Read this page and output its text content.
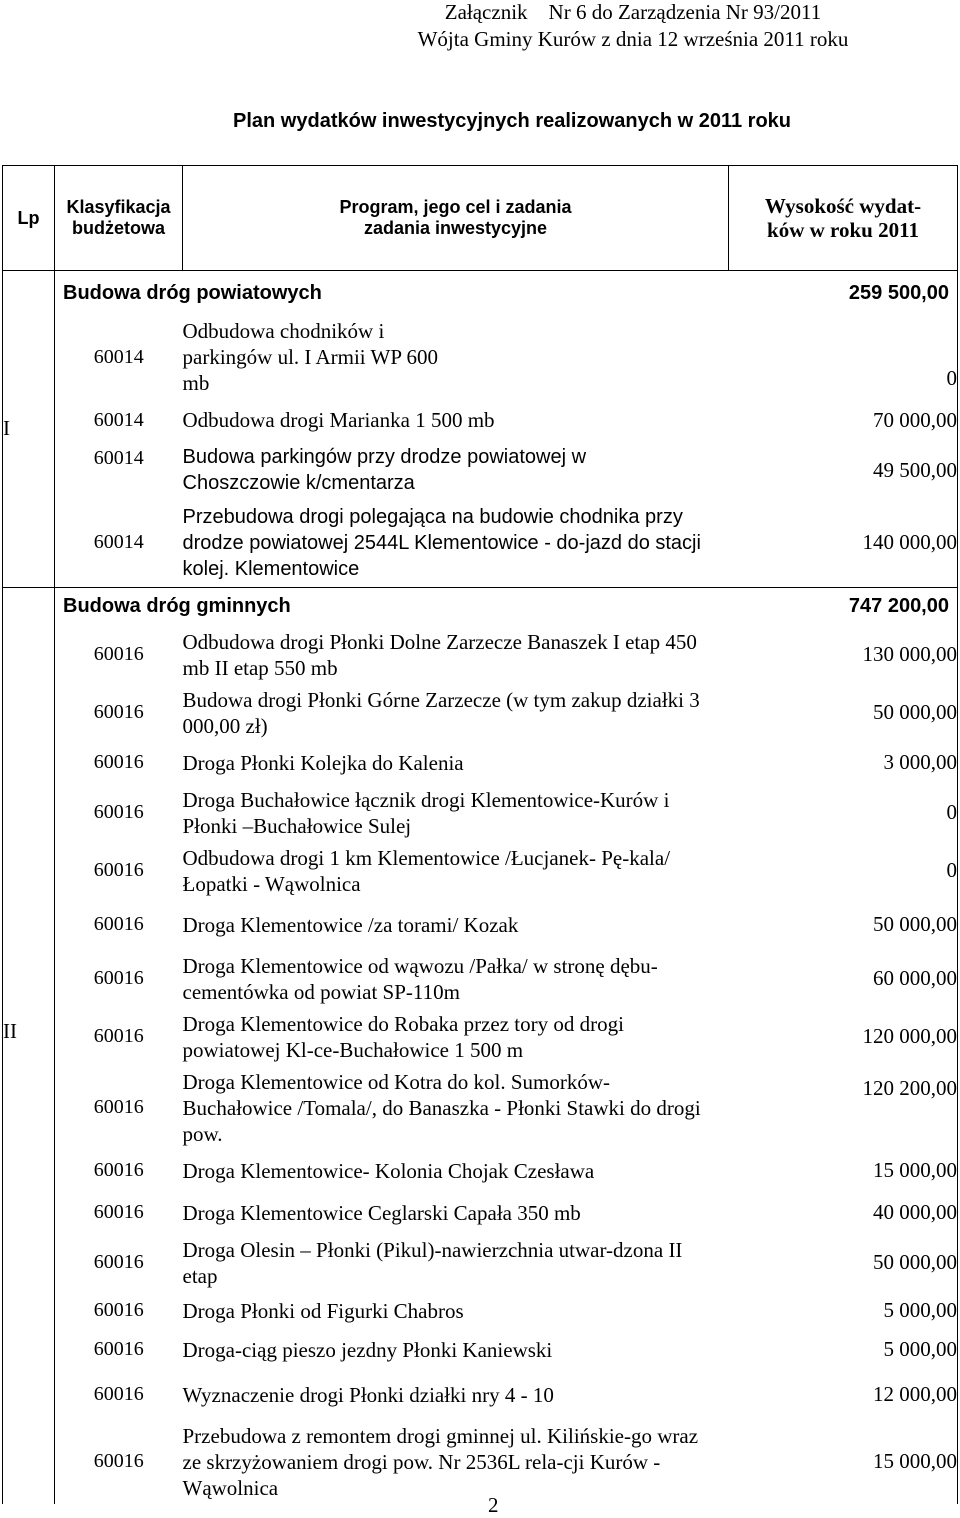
Załącznik    Nr 6 do Zarządzenia Nr 93/2011
Wójta Gminy Kurów z dnia 12 września 2011 roku
Plan wydatków inwestycyjnych realizowanych w 2011 roku
Lp	Klasyfikacja budżetowa	Program, jego cel i zadania zadania inwestycyjne	Wysokość wydat-ków w roku 2011
I	Budowa dróg powiatowych		259 500,00
	60014	Odbudowa chodników i parkingów ul. I Armii WP 600 mb	0
	60014	Odbudowa drogi Marianka 1 500 mb	70 000,00
	60014	Budowa parkingów przy drodze powiatowej w Choszczowie k/cmentarza	49 500,00
	60014	Przebudowa drogi polegająca na budowie chodnika przy drodze powiatowej 2544L Klementowice - do-jazd do stacji kolej. Klementowice	140 000,00
II	Budowa dróg gminnych		747 200,00
	60016	Odbudowa drogi Płonki Dolne Zarzecze Banaszek I etap 450 mb II etap 550 mb	130 000,00
	60016	Budowa drogi Płonki Górne Zarzecze (w tym zakup działki 3 000,00 zł)	50 000,00
	60016	Droga Płonki Kolejka do Kalenia	3 000,00
	60016	Droga Buchałowice łącznik drogi Klementowice-Kurów i Płonki –Buchałowice Sulej	0
	60016	Odbudowa drogi 1 km Klementowice /Łucjanek- Pę-kala/Łopatki - Wąwolnica	0
	60016	Droga Klementowice /za torami/ Kozak	50 000,00
	60016	Droga Klementowice od wąwozu /Pałka/ w stronę dębu-cementówka od powiat SP-110m	60 000,00
	60016	Droga Klementowice do Robaka przez tory od drogi powiatowej Kl-ce-Buchałowice 1 500 m	120 000,00
	60016	Droga Klementowice od Kotra do kol. Sumorków-Buchałowice /Tomala/, do Banaszka - Płonki Stawki do drogi pow.	120 200,00
	60016	Droga Klementowice- Kolonia Chojak Czesława	15 000,00
	60016	Droga Klementowice Ceglarski Capała 350 mb	40 000,00
	60016	Droga Olesin – Płonki (Pikul)-nawierzchnia utwar-dzona II etap	50 000,00
	60016	Droga Płonki od Figurki Chabros	5 000,00
	60016	Droga-ciąg pieszo jezdny Płonki Kaniewski	5 000,00
	60016	Wyznaczenie drogi Płonki działki nry 4 - 10	12 000,00
	60016	Przebudowa z remontem drogi gminnej ul. Kilińskie-go wraz ze skrzyżowaniem drogi pow. Nr 2536L rela-cji Kurów - Wąwolnica	15 000,00
2
